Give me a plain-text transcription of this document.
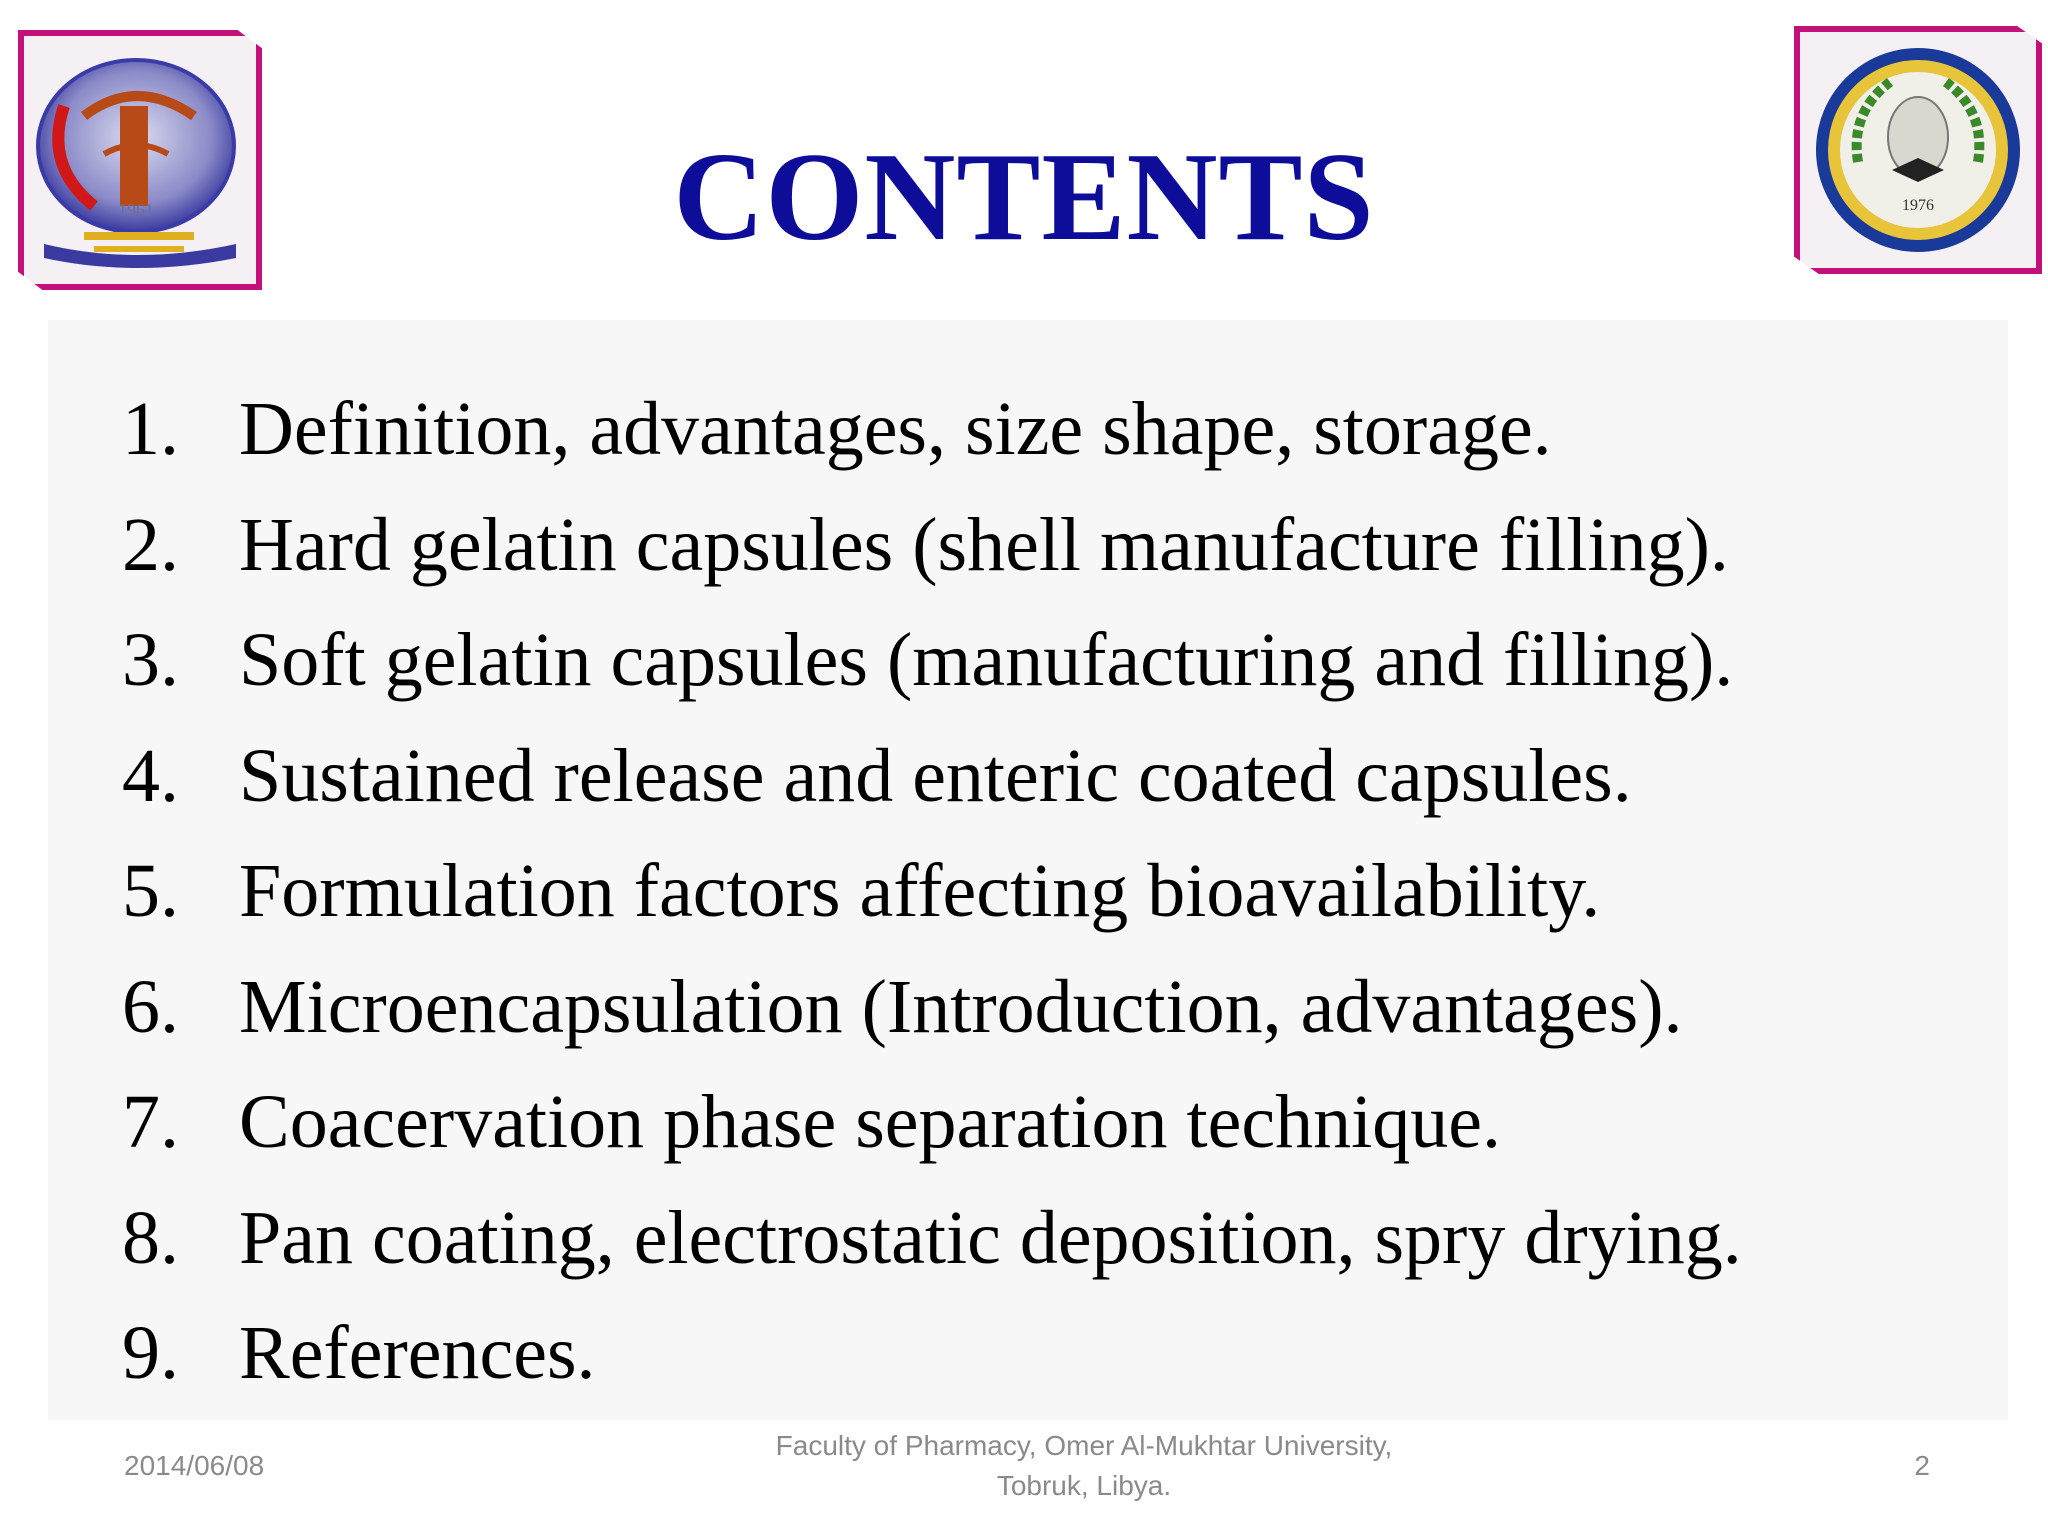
1961	1976
CONTENTS
1. Definition, advantages, size shape, storage.
2. Hard gelatin capsules (shell manufacture filling).
3. Soft gelatin capsules (manufacturing and filling).
4. Sustained release and enteric coated capsules.
5. Formulation factors affecting bioavailability.
6. Microencapsulation (Introduction, advantages).
7. Coacervation phase separation technique.
8. Pan coating, electrostatic deposition, spry drying.
9. References.
2014/06/08
Faculty of Pharmacy, Omer Al-Mukhtar University,
Tobruk, Libya.
2
